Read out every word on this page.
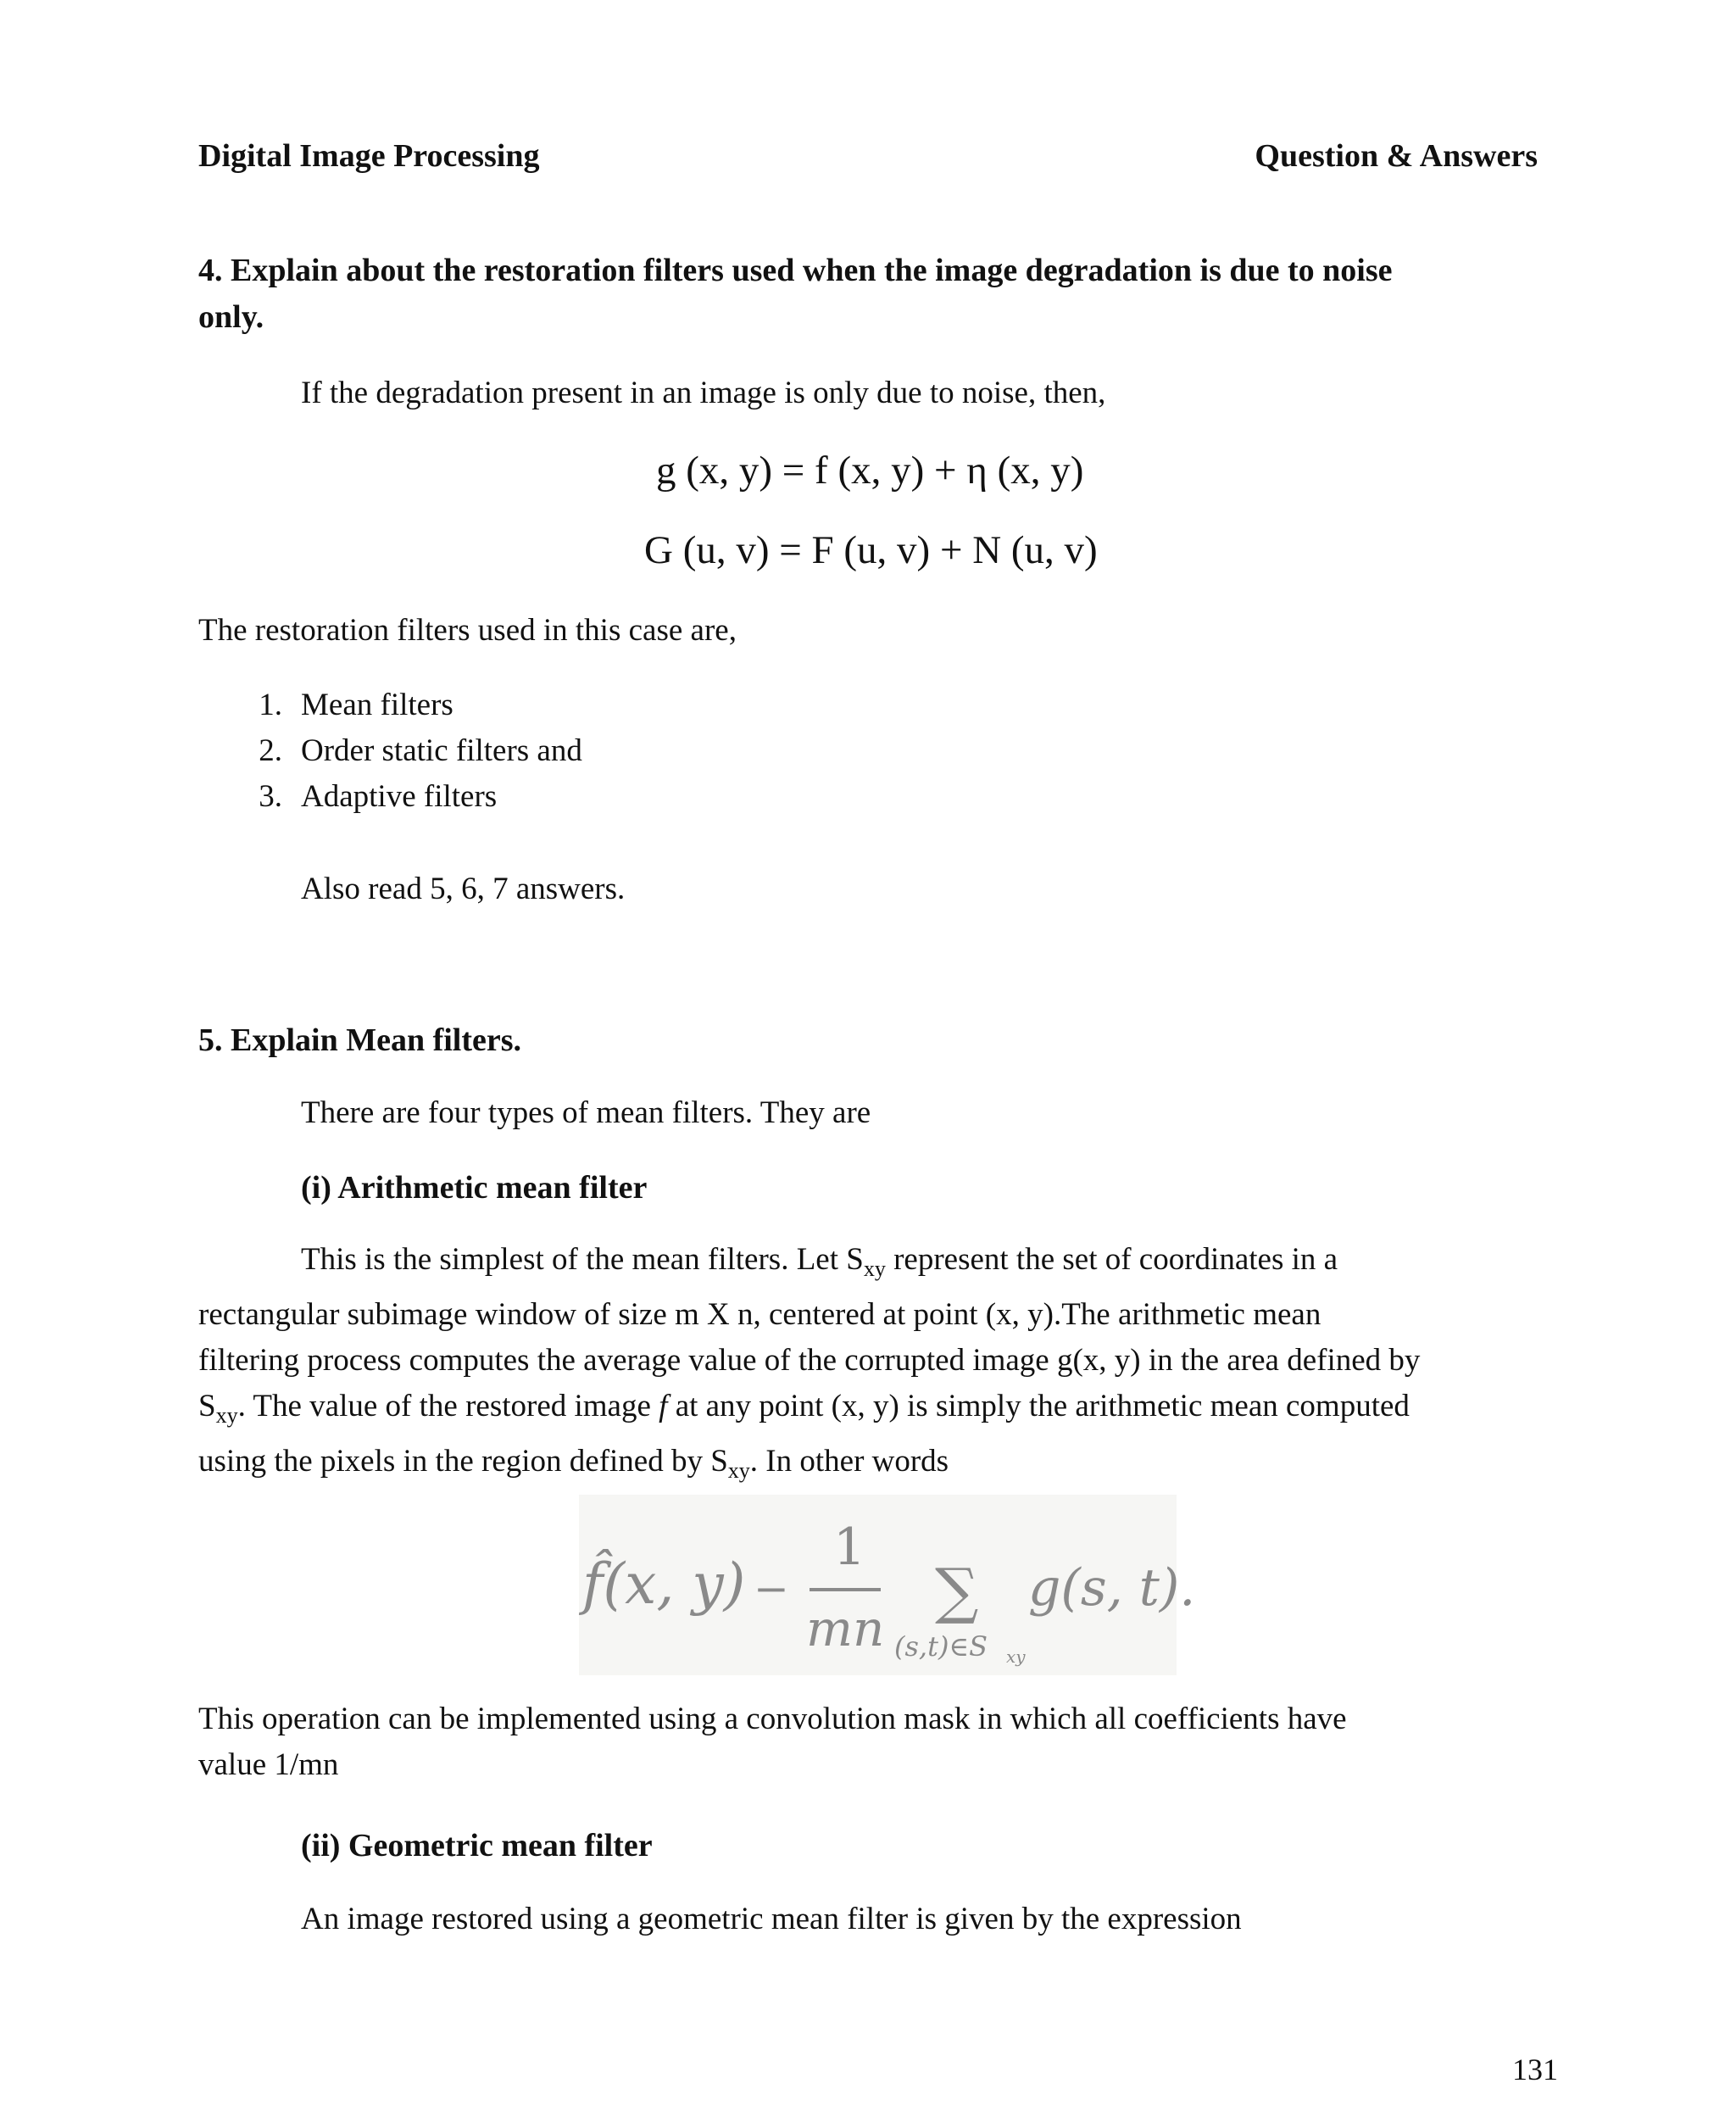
Digital Image Processing	Question & Answers
4. Explain about the restoration filters used when the image degradation is due to noise
only.
If the degradation present in an image is only due to noise, then,
g (x, y) = f (x, y) + η (x, y)
G (u, v) = F (u, v) + N (u, v)
The restoration filters used in this case are,
1. Mean filters
2. Order static filters and
3. Adaptive filters
Also read 5, 6, 7 answers.
5. Explain Mean filters.
There are four types of mean filters. They are
(i) Arithmetic mean filter

This is the simplest of the mean filters. Let $S_{xy}$ represent the set of coordinates in a

rectangular subimage window of size m X n, centered at point (x, y).The arithmetic mean

filtering process computes the average value of the corrupted image g(x, y) in the area defined by

$S_{xy}$. The value of the restored image f at any point (x, y) is simply the arithmetic mean computed

using the pixels in the region defined by $S_{xy}$. In other words

f̂(x, y) −
1
mn
∑
(s,t)∈S xy
g(s, t).
This operation can be implemented using a convolution mask in which all coefficients have
value 1/mn
(ii) Geometric mean filter
An image restored using a geometric mean filter is given by the expression
131
